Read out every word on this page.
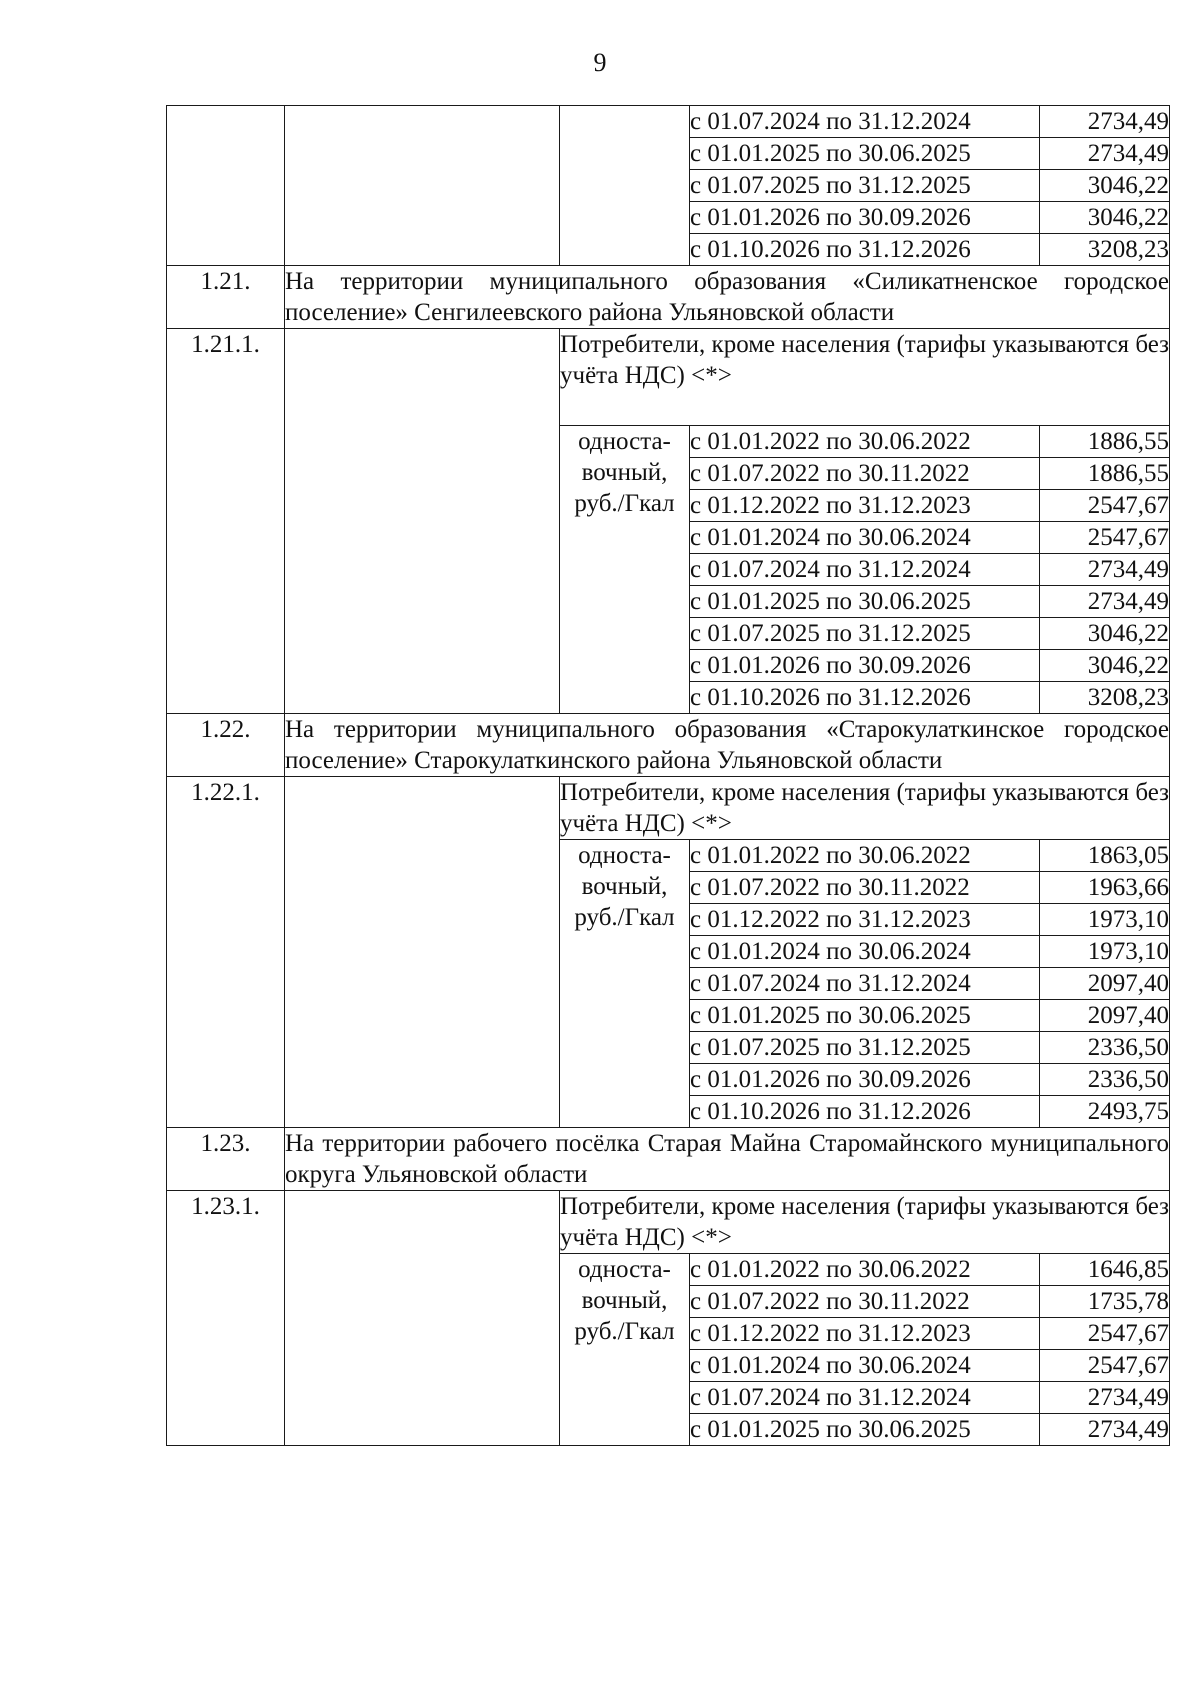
9
			с 01.07.2024 по 31.12.2024	2734,49
			с 01.01.2025 по 30.06.2025	2734,49
			с 01.07.2025 по 31.12.2025	3046,22
			с 01.01.2026 по 30.09.2026	3046,22
			с 01.10.2026 по 31.12.2026	3208,23
1.21.	На территории муниципального образования «Силикатненское городское поселение» Сенгилеевского района Ульяновской области			
1.21.1.		Потребители, кроме населения (тарифы указываются без учёта НДС) <*>		
		односта-вочный, руб./Гкал	с 01.01.2022 по 30.06.2022	1886,55
			с 01.07.2022 по 30.11.2022	1886,55
			с 01.12.2022 по 31.12.2023	2547,67
			с 01.01.2024 по 30.06.2024	2547,67
			с 01.07.2024 по 31.12.2024	2734,49
			с 01.01.2025 по 30.06.2025	2734,49
			с 01.07.2025 по 31.12.2025	3046,22
			с 01.01.2026 по 30.09.2026	3046,22
			с 01.10.2026 по 31.12.2026	3208,23
1.22.	На территории муниципального образования «Старокулаткинское городское поселение» Старокулаткинского района Ульяновской области			
1.22.1.		Потребители, кроме населения (тарифы указываются без учёта НДС) <*>		
		односта-вочный, руб./Гкал	с 01.01.2022 по 30.06.2022	1863,05
			с 01.07.2022 по 30.11.2022	1963,66
			с 01.12.2022 по 31.12.2023	1973,10
			с 01.01.2024 по 30.06.2024	1973,10
			с 01.07.2024 по 31.12.2024	2097,40
			с 01.01.2025 по 30.06.2025	2097,40
			с 01.07.2025 по 31.12.2025	2336,50
			с 01.01.2026 по 30.09.2026	2336,50
			с 01.10.2026 по 31.12.2026	2493,75
1.23.	На территории рабочего посёлка Старая Майна Старомайнского муниципального округа Ульяновской области			
1.23.1.		Потребители, кроме населения (тарифы указываются без учёта НДС) <*>		
		односта-вочный, руб./Гкал	с 01.01.2022 по 30.06.2022	1646,85
			с 01.07.2022 по 30.11.2022	1735,78
			с 01.12.2022 по 31.12.2023	2547,67
			с 01.01.2024 по 30.06.2024	2547,67
			с 01.07.2024 по 31.12.2024	2734,49
			с 01.01.2025 по 30.06.2025	2734,49
